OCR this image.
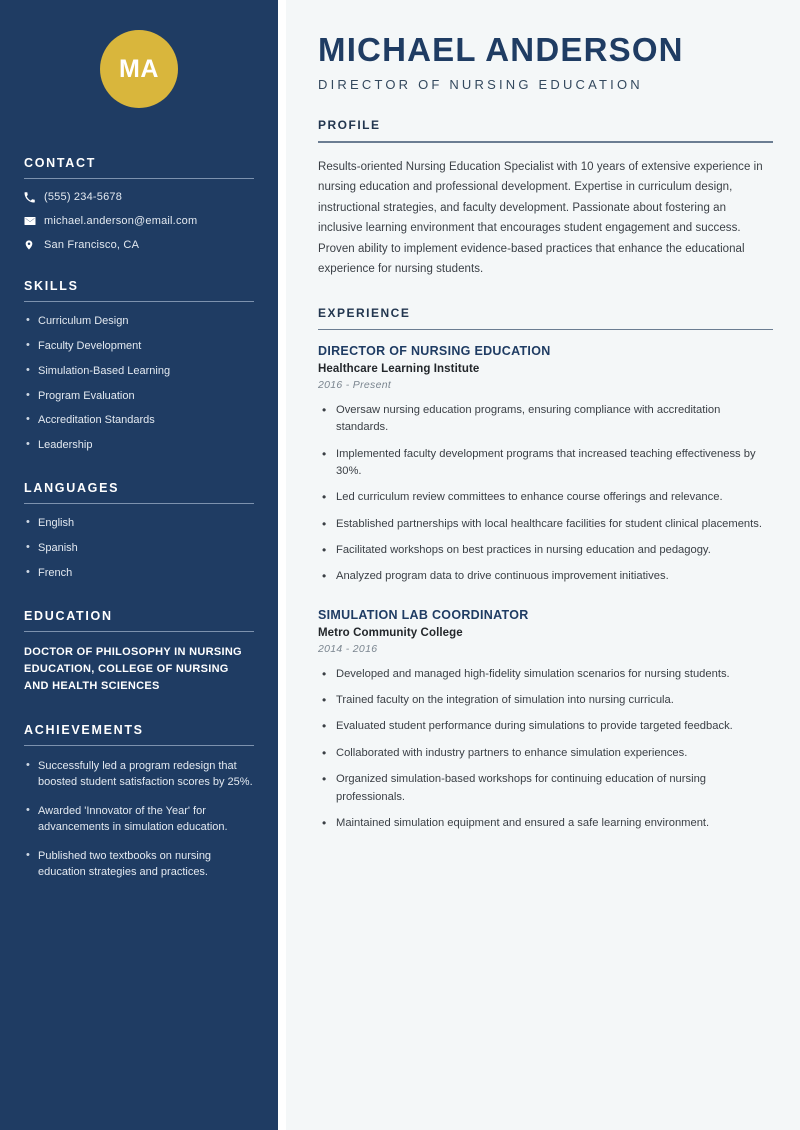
MA
CONTACT
(555) 234-5678
michael.anderson@email.com
San Francisco, CA
SKILLS
• Curriculum Design
• Faculty Development
• Simulation-Based Learning
• Program Evaluation
• Accreditation Standards
• Leadership
LANGUAGES
• English
• Spanish
• French
EDUCATION
DOCTOR OF PHILOSOPHY IN NURSING EDUCATION, COLLEGE OF NURSING AND HEALTH SCIENCES
ACHIEVEMENTS
• Successfully led a program redesign that boosted student satisfaction scores by 25%.
• Awarded 'Innovator of the Year' for advancements in simulation education.
• Published two textbooks on nursing education strategies and practices.
MICHAEL ANDERSON
DIRECTOR OF NURSING EDUCATION
PROFILE

Results-oriented Nursing Education Specialist with 10 years of extensive experience in nursing education and professional development. Expertise in curriculum design, instructional strategies, and faculty development. Passionate about fostering an inclusive learning environment that encourages student engagement and success. Proven ability to implement evidence-based practices that enhance the educational experience for nursing students.

EXPERIENCE
DIRECTOR OF NURSING EDUCATION
Healthcare Learning Institute
2016 - Present
• Oversaw nursing education programs, ensuring compliance with accreditation standards.
• Implemented faculty development programs that increased teaching effectiveness by 30%.
• Led curriculum review committees to enhance course offerings and relevance.
• Established partnerships with local healthcare facilities for student clinical placements.
• Facilitated workshops on best practices in nursing education and pedagogy.
• Analyzed program data to drive continuous improvement initiatives.
SIMULATION LAB COORDINATOR
Metro Community College
2014 - 2016
• Developed and managed high-fidelity simulation scenarios for nursing students.
• Trained faculty on the integration of simulation into nursing curricula.
• Evaluated student performance during simulations to provide targeted feedback.
• Collaborated with industry partners to enhance simulation experiences.
• Organized simulation-based workshops for continuing education of nursing professionals.
• Maintained simulation equipment and ensured a safe learning environment.
